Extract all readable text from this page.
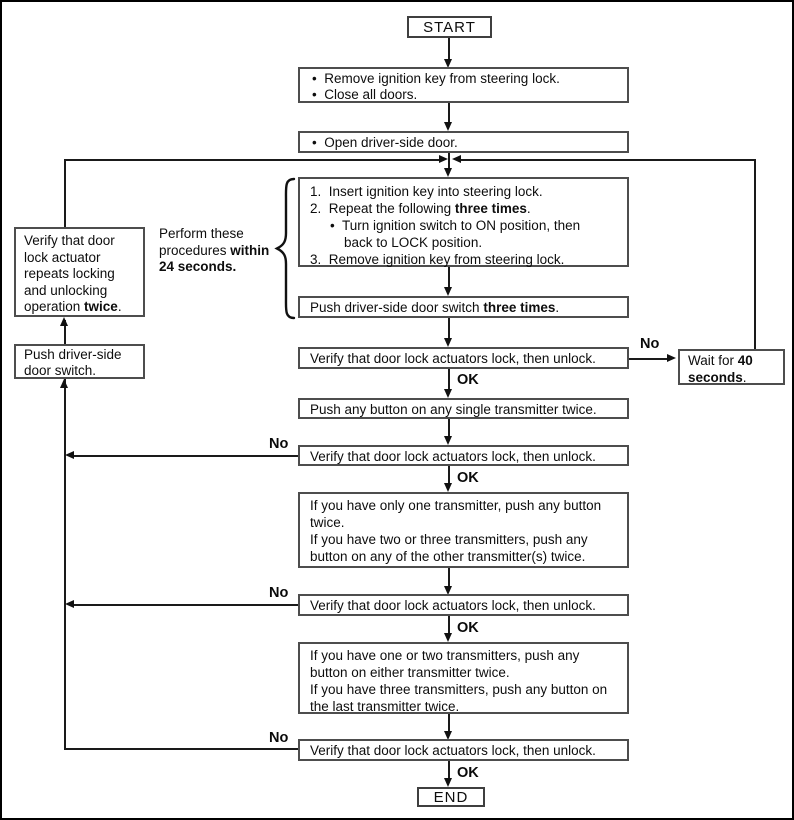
START
•  Remove ignition key from steering lock.
•  Close all doors.
•  Open driver-side door.
1.  Insert ignition key into steering lock.
2.  Repeat the following three times.
•  Turn ignition switch to ON position, then
back to LOCK position.
3.  Remove ignition key from steering lock.
Perform these procedures within 24 seconds.
Push driver-side door switch three times.
Verify that door lock actuators lock, then unlock.	Wait for 40 seconds.
Push any button on any single transmitter twice.
Verify that door lock actuators lock, then unlock.
If you have only one transmitter, push any button twice.
If you have two or three transmitters, push any button on any of the other transmitter(s) twice.
Verify that door lock actuators lock, then unlock.
If you have one or two transmitters, push any button on either transmitter twice.
If you have three transmitters, push any button on the last transmitter twice.
Verify that door lock actuators lock, then unlock.
END
Verify that door lock actuator repeats locking and unlocking operation twice.
Push driver-side door switch.
No
No
No
No
OK
OK
OK
OK
